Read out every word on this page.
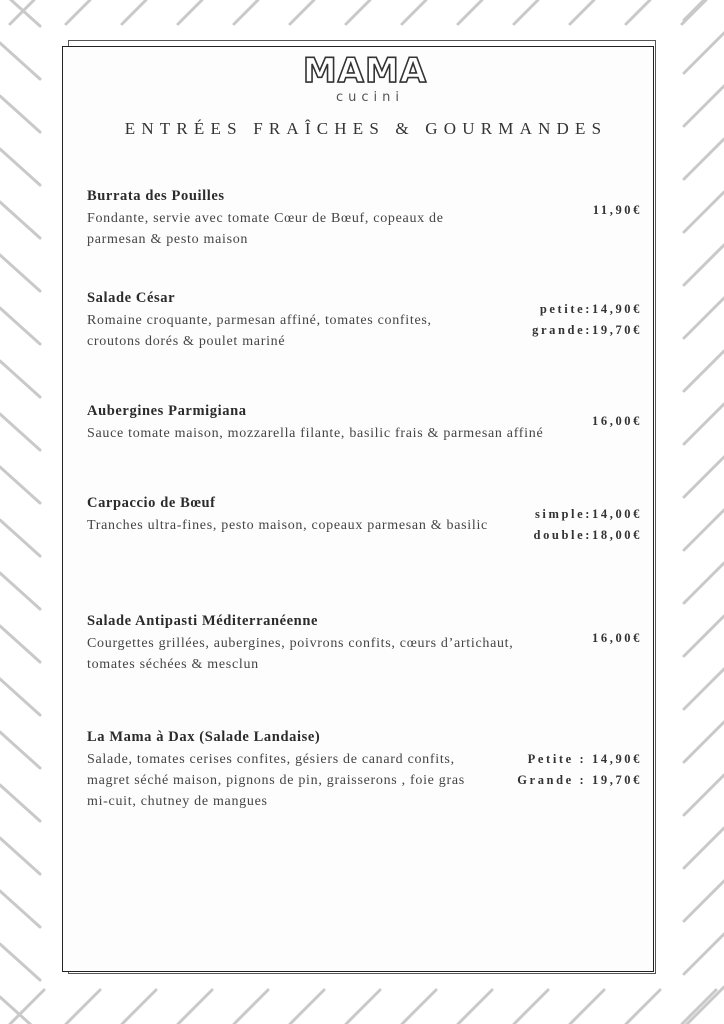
MAMA
cucini
ENTRÉES FRAÎCHES & GOURMANDES
Burrata des Pouilles
Fondante, servie avec tomate Cœur de Bœuf, copeaux de parmesan & pesto maison
11,90€
Salade César
Romaine croquante, parmesan affiné, tomates confites, croutons dorés & poulet mariné
petite:14,90€
grande:19,70€
Aubergines Parmigiana
Sauce tomate maison, mozzarella filante, basilic frais & parmesan affiné
16,00€
Carpaccio de Bœuf
Tranches ultra-fines, pesto maison, copeaux parmesan & basilic
simple:14,00€
double:18,00€
Salade Antipasti Méditerranéenne
Courgettes grillées, aubergines, poivrons confits, cœurs d’artichaut, tomates séchées & mesclun
16,00€
La Mama à Dax (Salade Landaise)
Salade, tomates cerises confites, gésiers de canard confits, magret séché maison, pignons de pin, graisserons , foie gras mi-cuit, chutney de mangues
Petite : 14,90€
Grande : 19,70€
